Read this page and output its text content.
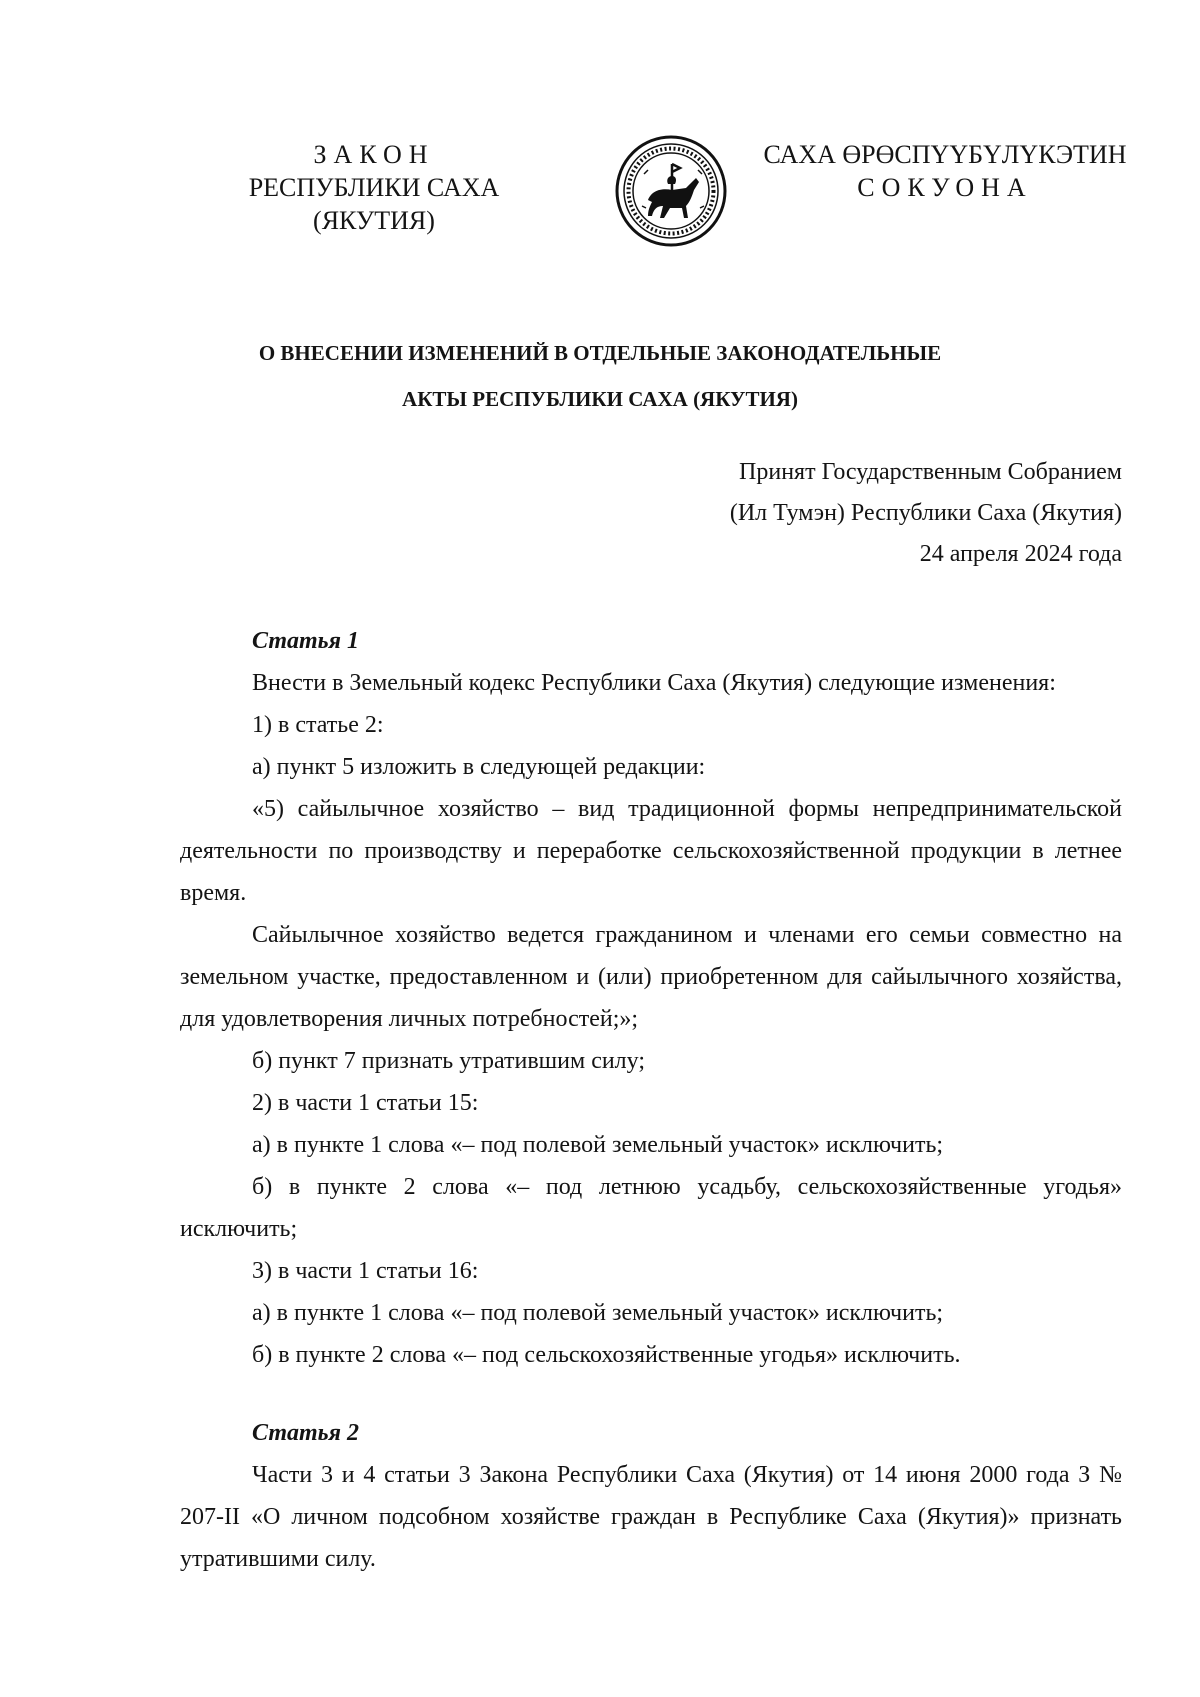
ЗАКОН
РЕСПУБЛИКИ САХА (ЯКУТИЯ)
САХА ӨРӨСПҮҮБҮЛҮКЭТИН
СОКУОНА
О ВНЕСЕНИИ ИЗМЕНЕНИЙ В ОТДЕЛЬНЫЕ ЗАКОНОДАТЕЛЬНЫЕ
АКТЫ РЕСПУБЛИКИ САХА (ЯКУТИЯ)
Принят Государственным Собранием
(Ил Тумэн) Республики Саха (Якутия)
24 апреля 2024 года
Статья 1

Внести в Земельный кодекс Республики Саха (Якутия) следующие изменения:

1) в статье 2:

а) пункт 5 изложить в следующей редакции:

«5) сайылычное хозяйство – вид традиционной формы непредпринимательской деятельности по производству и переработке сельскохозяйственной продукции в летнее время.

Сайылычное хозяйство ведется гражданином и членами его семьи совместно на земельном участке, предоставленном и (или) приобретенном для сайылычного хозяйства, для удовлетворения личных потребностей;»;

б) пункт 7 признать утратившим силу;

2) в части 1 статьи 15:

а) в пункте 1 слова «– под полевой земельный участок» исключить;

б) в пункте 2 слова «– под летнюю усадьбу, сельскохозяйственные угодья» исключить;

3) в части 1 статьи 16:

а) в пункте 1 слова «– под полевой земельный участок» исключить;

б) в пункте 2 слова «– под сельскохозяйственные угодья» исключить.

Статья 2

Части 3 и 4 статьи 3 Закона Республики Саха (Якутия) от 14 июня 2000 года З № 207-II «О личном подсобном хозяйстве граждан в Республике Саха (Якутия)» признать утратившими силу.
